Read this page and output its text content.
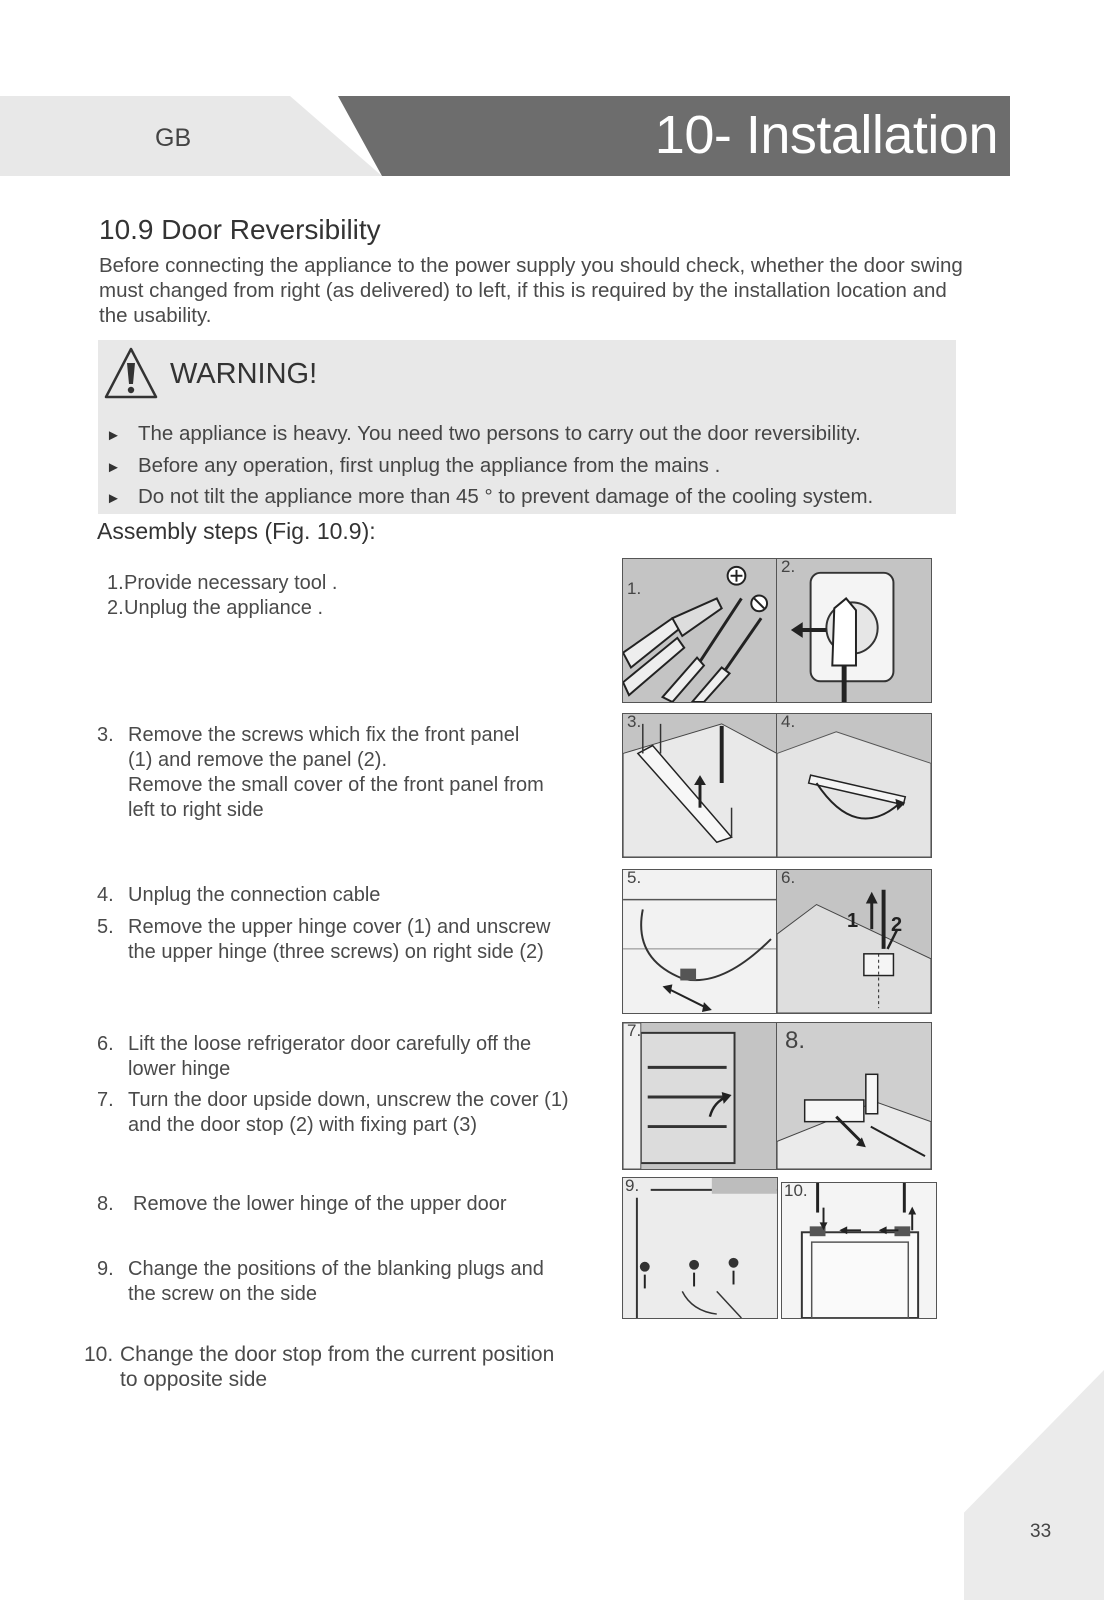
GB	10- Installation
10.9 Door Reversibility
Before connecting the appliance to the power supply you should check, whether the door swing must changed from right (as delivered) to left, if this is required by the installation location and the usability.
WARNING!
► The appliance is heavy. You need two persons to carry out the door reversibility.
► Before any operation, first unplug the appliance from the mains .
► Do not tilt the appliance more than 45 ° to prevent damage of the cooling system.
Assembly steps (Fig. 10.9):
1. Provide necessary tool .
2. Unplug the appliance .
3. Remove the screws which fix the front panel
(1) and remove the panel (2).
Remove the small cover of the front panel from
left to right side
4. Unplug the connection cable
5. Remove the upper hinge cover (1) and unscrew
the upper hinge (three screws) on right side (2)
6. Lift the loose refrigerator door carefully off the
lower hinge
7. Turn the door upside down, unscrew the cover (1)
and the door stop (2) with fixing part (3)
8. Remove the lower hinge of the upper door
9. Change the positions of the blanking plugs and
the screw on the side
10. Change the door stop from the current position
to opposite side
1.
2.
3.	4.
5.	6.
1 2
7.	8.
9.	10.
33
